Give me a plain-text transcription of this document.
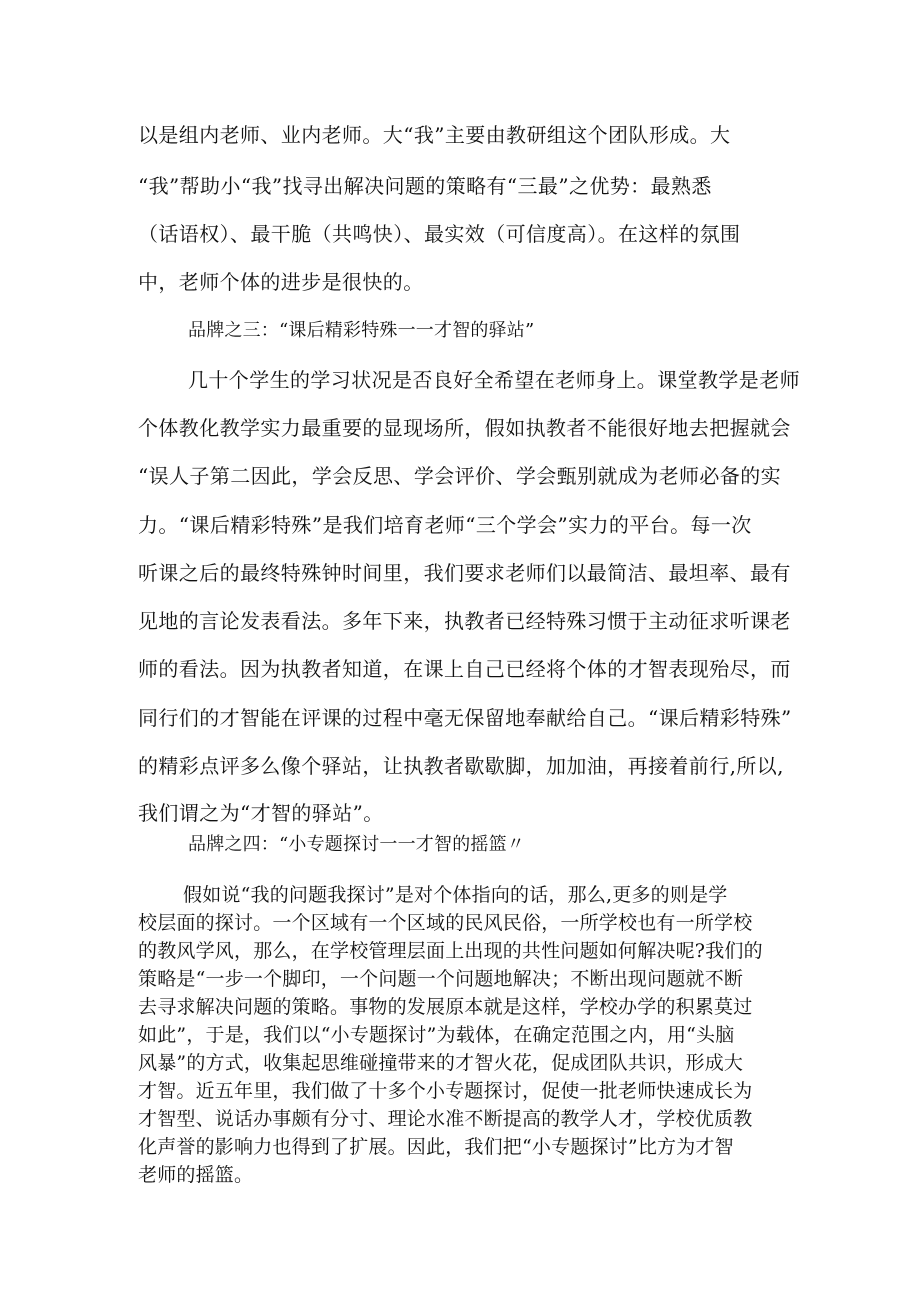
以是组内老师、业内老师。大“我”主要由教研组这个团队形成。大

“我”帮助小“我”找寻出解决问题的策略有“三最”之优势：最熟悉

（话语权）、最干脆（共鸣快）、最实效（可信度高）。在这样的氛围

中，老师个体的进步是很快的。

品牌之三：“课后精彩特殊一一才智的驿站”

几十个学生的学习状况是否良好全希望在老师身上。课堂教学是老师

个体教化教学实力最重要的显现场所，假如执教者不能很好地去把握就会

“误人子第二因此，学会反思、学会评价、学会甄别就成为老师必备的实

力。“课后精彩特殊”是我们培育老师“三个学会”实力的平台。每一次

听课之后的最终特殊钟时间里，我们要求老师们以最简洁、最坦率、最有

见地的言论发表看法。多年下来，执教者已经特殊习惯于主动征求听课老

师的看法。因为执教者知道，在课上自己已经将个体的才智表现殆尽，而

同行们的才智能在评课的过程中毫无保留地奉献给自己。“课后精彩特殊”

的精彩点评多么像个驿站，让执教者歇歇脚，加加油，再接着前行,所以,

我们谓之为“才智的驿站”。

品牌之四：“小专题探讨一一才智的摇篮〃

假如说“我的问题我探讨”是对个体指向的话，那么,更多的则是学

校层面的探讨。一个区域有一个区域的民风民俗，一所学校也有一所学校

的教风学风，那么，在学校管理层面上出现的共性问题如何解决呢?我们的

策略是“一步一个脚印，一个问题一个问题地解决；不断出现问题就不断

去寻求解决问题的策略。事物的发展原本就是这样，学校办学的积累莫过

如此”，于是，我们以“小专题探讨”为载体，在确定范围之内，用“头脑

风暴”的方式，收集起思维碰撞带来的才智火花，促成团队共识，形成大

才智。近五年里，我们做了十多个小专题探讨，促使一批老师快速成长为

才智型、说话办事颇有分寸、理论水准不断提高的教学人才，学校优质教

化声誉的影响力也得到了扩展。因此，我们把“小专题探讨”比方为才智

老师的摇篮。
